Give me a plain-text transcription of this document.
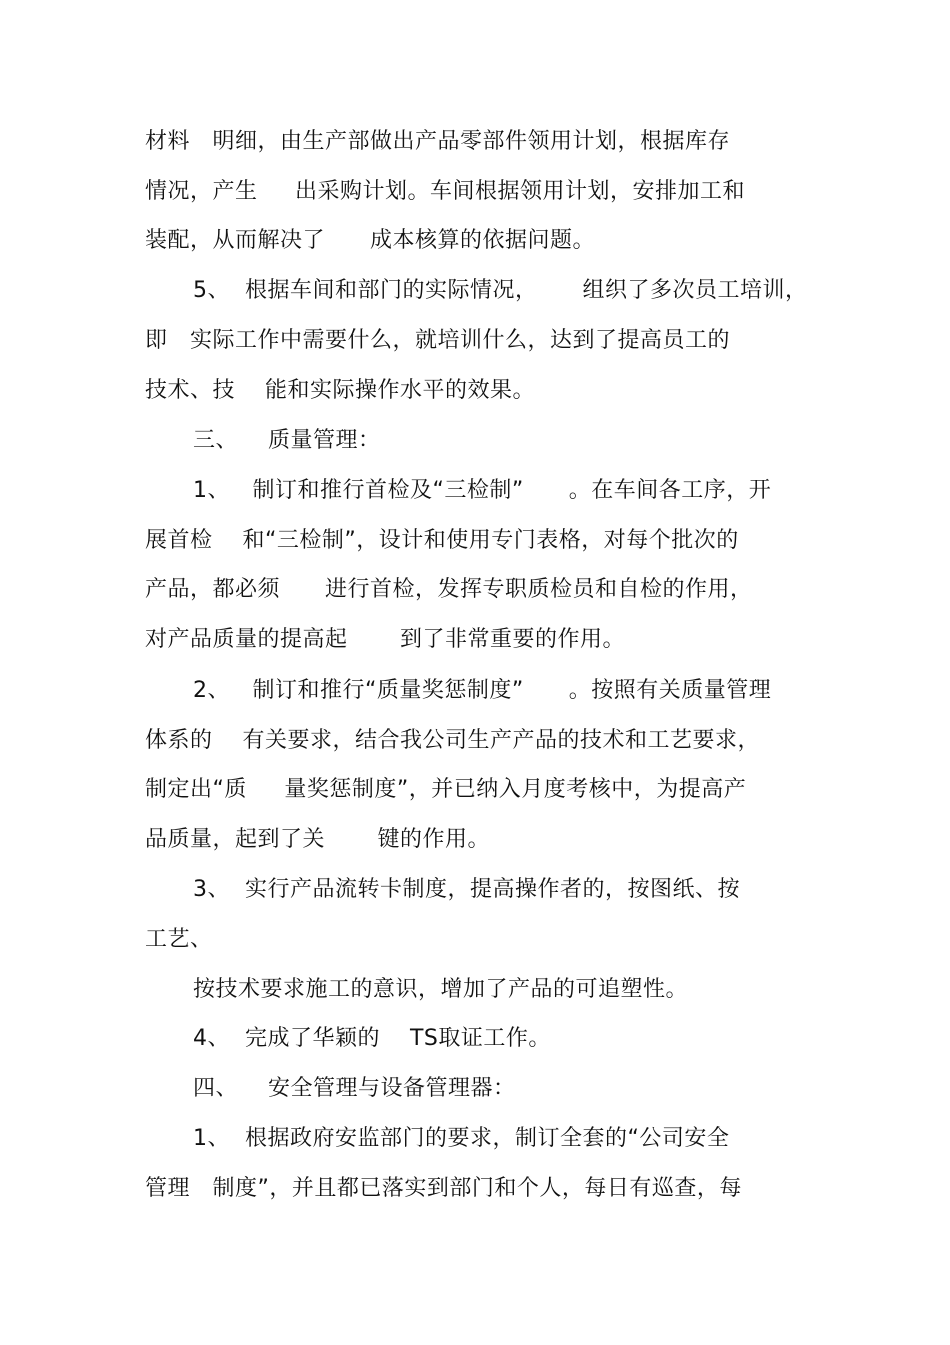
材料   明细，由生产部做出产品零部件领用计划，根据库存
情况，产生     出采购计划。车间根据领用计划，安排加工和
装配，从而解决了      成本核算的依据问题。
5、  根据车间和部门的实际情况，      组织了多次员工培训，
即   实际工作中需要什么，就培训什么，达到了提高员工的
技术、技    能和实际操作水平的效果。
三、    质量管理：
1、   制订和推行首检及“三检制”      。在车间各工序，开
展首检    和“三检制”，设计和使用专门表格，对每个批次的
产品，都必须      进行首检，发挥专职质检员和自检的作用，
对产品质量的提高起       到了非常重要的作用。
2、   制订和推行“质量奖惩制度”      。按照有关质量管理
体系的    有关要求，结合我公司生产产品的技术和工艺要求，
制定出“质     量奖惩制度”，并已纳入月度考核中，为提高产
品质量，起到了关       键的作用。
3、  实行产品流转卡制度，提高操作者的，按图纸、按
工艺、
按技术要求施工的意识，增加了产品的可追塑性。
4、  完成了华颖的    TS取证工作。
四、    安全管理与设备管理器：
1、  根据政府安监部门的要求，制订全套的“公司安全
管理   制度”，并且都已落实到部门和个人，每日有巡查，每
